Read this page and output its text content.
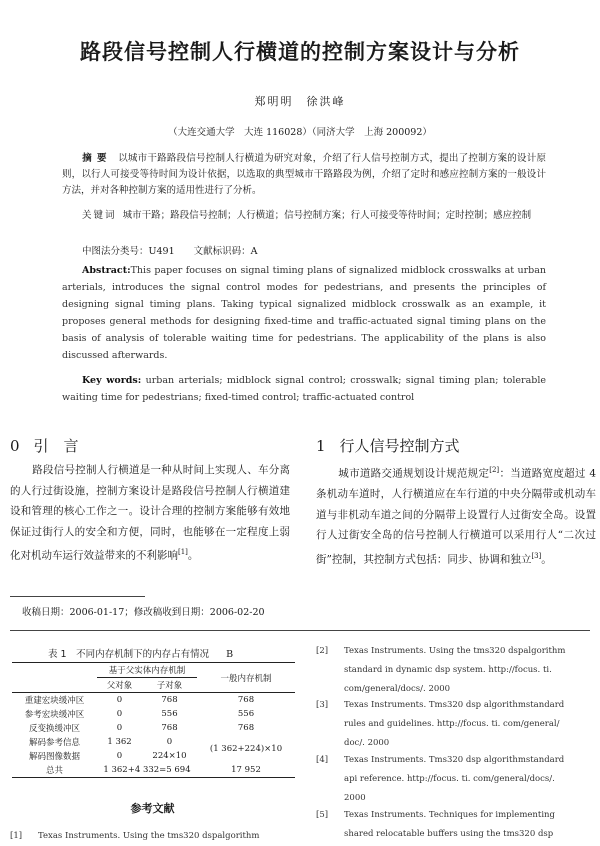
路段信号控制人行横道的控制方案设计与分析
郑明明　徐洪峰
（大连交通大学　大连 116028）（同济大学　上海 200092）
摘要 以城市干路路段信号控制人行横道为研究对象，介绍了行人信号控制方式，提出了控制方案的设计原则，以行人可接受等待时间为设计依据，以选取的典型城市干路路段为例，介绍了定时和感应控制方案的一般设计方法，并对各种控制方案的适用性进行了分析。
关键词 城市干路；路段信号控制；人行横道；信号控制方案；行人可接受等待时间；定时控制；感应控制
中图法分类号：U491　　文献标识码：A
Abstract:This paper focuses on signal timing plans of signalized midblock crosswalks at urban arterials, introduces the signal control modes for pedestrians, and presents the principles of designing signal timing plans. Taking typical signalized midblock crosswalk as an example, it proposes general methods for designing fixed-time and traffic-actuated signal timing plans on the basis of analysis of tolerable waiting time for pedestrians. The applicability of the plans is also discussed afterwards.
Key words: urban arterials; midblock signal control; crosswalk; signal timing plan; tolerable waiting time for pedestrians; fixed-timed control; traffic-actuated control
0 引　言
路段信号控制人行横道是一种从时间上实现人、车分离的人行过街设施，控制方案设计是路段信号控制人行横道建设和管理的核心工作之一。设计合理的控制方案能够有效地保证过街行人的安全和方便，同时，也能够在一定程度上弱化对机动车运行效益带来的不利影响[1]。
1 行人信号控制方式
城市道路交通规划设计规范规定[2]：当道路宽度超过 4 条机动车道时，人行横道应在车行道的中央分隔带或机动车道与非机动车道之间的分隔带上设置行人过街安全岛。设置行人过街安全岛的信号控制人行横道可以采用行人“二次过街”控制，其控制方式包括：同步、协调和独立[3]。
收稿日期：2006-01-17；修改稿收到日期：2006-02-20
表 1　不同内存机制下的内存占有情况 B
	基于父实体内存机制		一般内存机制
	父对象	子对象	
重建宏块缓冲区	0	768	768
参考宏块缓冲区	0	556	556
反变换缓冲区	0	768	768
解码参考信息	1 362	0	(1 362+224)×10
解码图像数据	0	224×10	
总共	1 362+4 332=5 694		17 952
参考文献
[1] Texas Instruments. Using the tms320 dspalgorithm
[2] Texas Instruments. Using the tms320 dspalgorithm
standard in dynamic dsp system. http://focus. ti.
com/general/docs/. 2000
[3] Texas Instruments. Tms320 dsp algorithmstandard
rules and guidelines. http://focus. ti. com/general/
doc/. 2000
[4] Texas Instruments. Tms320 dsp algorithmstandard
api reference. http://focus. ti. com/general/docs/.
2000
[5] Texas Instruments. Techniques for implementing
shared relocatable buffers using the tms320 dsp
